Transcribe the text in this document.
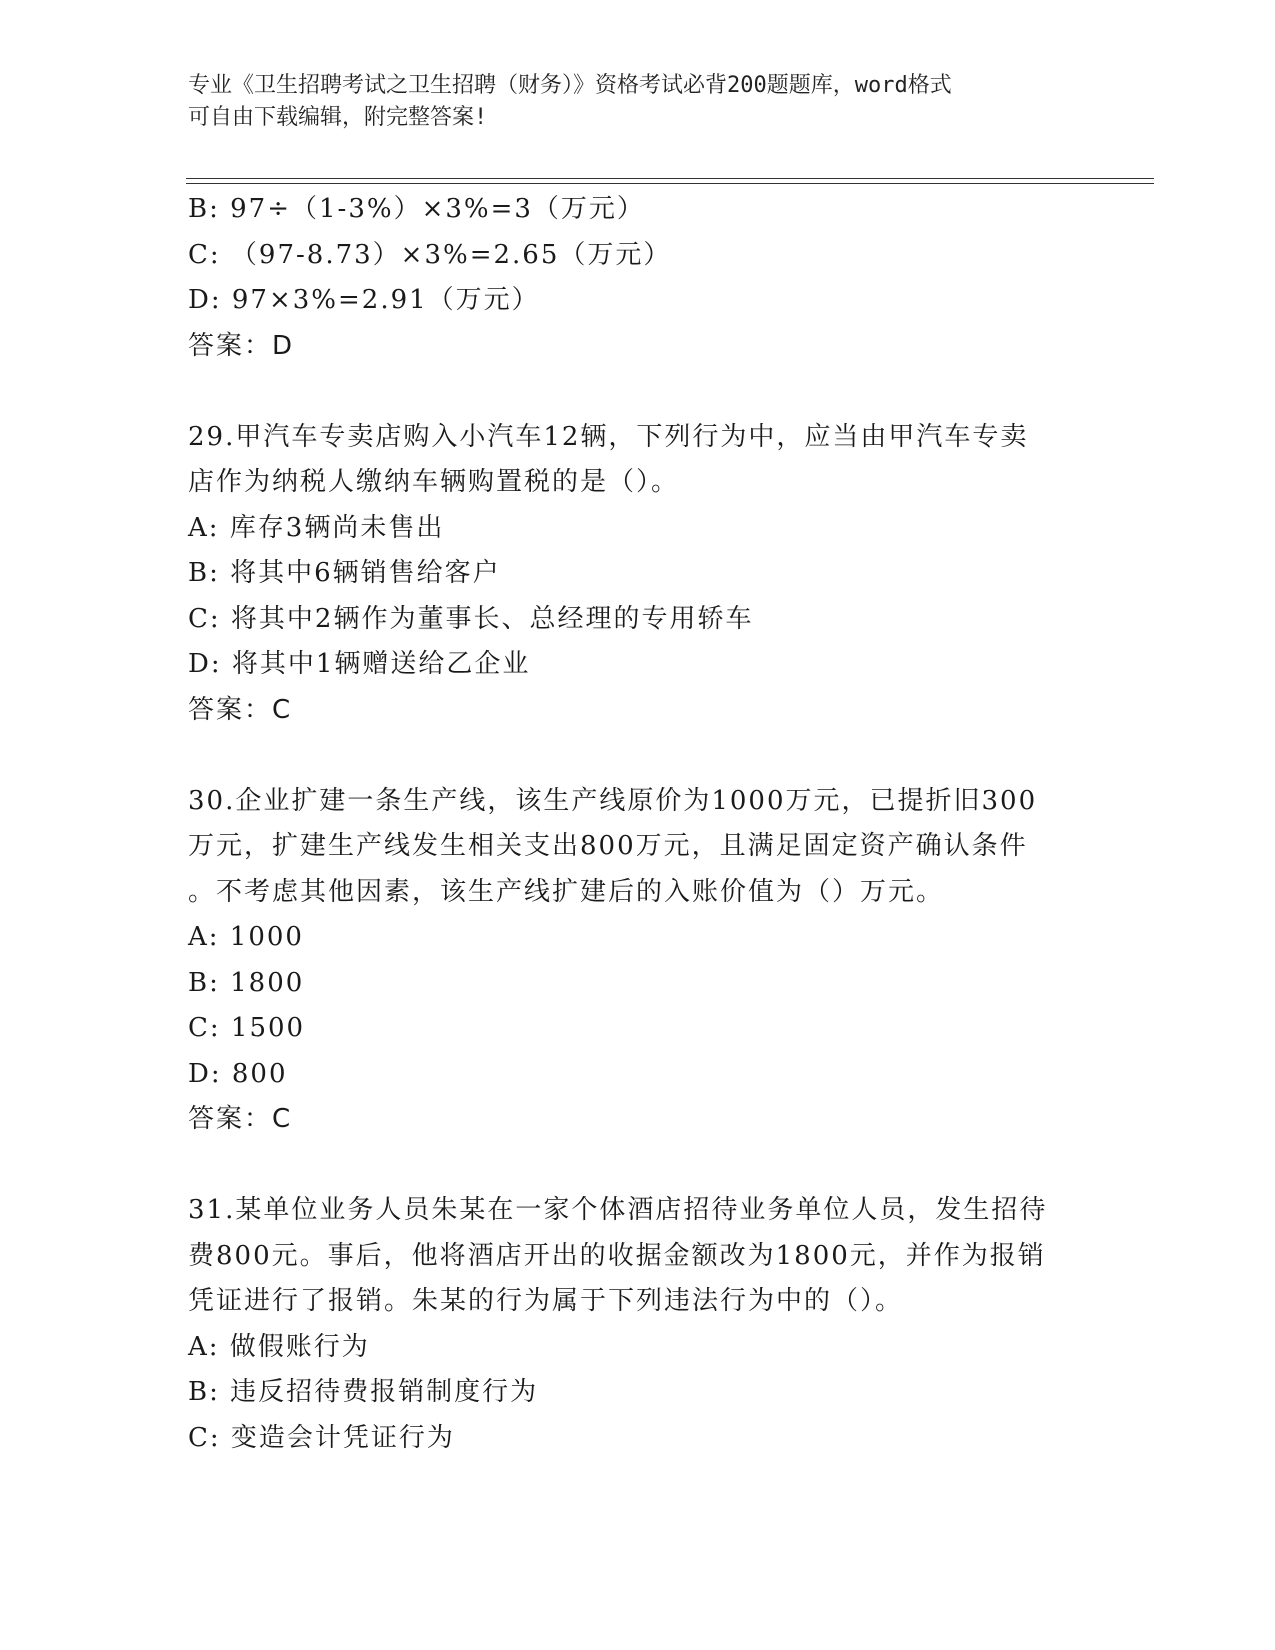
专业《卫生招聘考试之卫生招聘（财务）》资格考试必背200题题库，word格式
可自由下载编辑，附完整答案!
B: 97÷（1-3%）×3%=3（万元）
C: （97-8.73）×3%=2.65（万元）
D: 97×3%=2.91（万元）
答案：D
29.甲汽车专卖店购入小汽车12辆，下列行为中，应当由甲汽车专卖
店作为纳税人缴纳车辆购置税的是（）。
A: 库存3辆尚未售出
B: 将其中6辆销售给客户
C: 将其中2辆作为董事长、总经理的专用轿车
D: 将其中1辆赠送给乙企业
答案：C
30.企业扩建一条生产线，该生产线原价为1000万元，已提折旧300
万元，扩建生产线发生相关支出800万元，且满足固定资产确认条件
。不考虑其他因素，该生产线扩建后的入账价值为（）万元。
A: 1000
B: 1800
C: 1500
D: 800
答案：C
31.某单位业务人员朱某在一家个体酒店招待业务单位人员，发生招待
费800元。事后，他将酒店开出的收据金额改为1800元，并作为报销
凭证进行了报销。朱某的行为属于下列违法行为中的（）。
A: 做假账行为
B: 违反招待费报销制度行为
C: 变造会计凭证行为
